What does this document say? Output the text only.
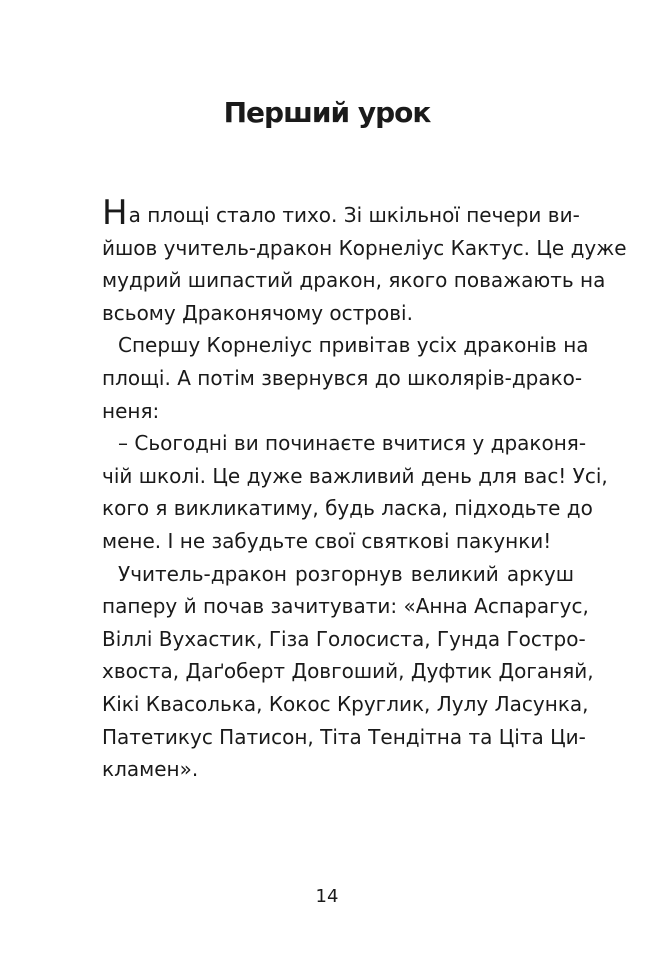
Перший урок
На площі стало тихо. Зі шкільної печери ви-
йшов учитель-дракон Корнеліус Кактус. Це дуже
мудрий шипастий дракон, якого поважають на
всьому Драконячому острові.
Спершу Корнеліус привітав усіх драконів на
площі. А потім звернувся до школярів-драко-
неня:
– Сьогодні ви починаєте вчитися у драконя-
чій школі. Це дуже важливий день для вас! Усі,
кого я викликатиму, будь ласка, підходьте до
мене. І не забудьте свої святкові пакунки!
Учитель-дракон розгорнув великий аркуш
паперу й почав зачитувати: «Анна Аспарагус,
Віллі Вухастик, Гіза Голосиста, Гунда Гостро-
хвоста, Даґоберт Довгоший, Дуфтик Доганяй,
Кікі Квасолька, Кокос Круглик, Лулу Ласунка,
Патетикус Патисон, Тіта Тендітна та Ціта Ци-
кламен».
14
